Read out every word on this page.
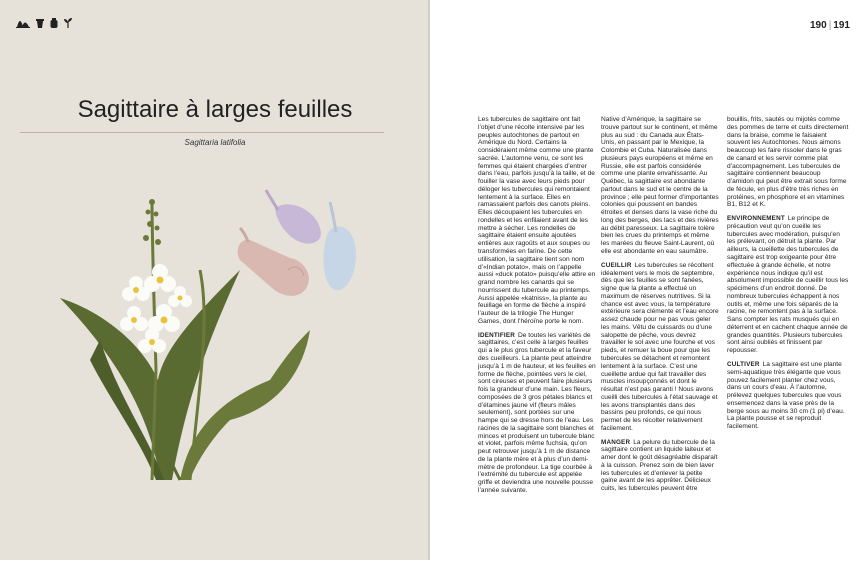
Sagittaire à larges feuilles
Sagittaria latifolia
190 | 191

Les tubercules de sagittaire ont fait l’objet d’une récolte intensive par les peuples autochtones de partout en Amérique du Nord. Certains la considéraient même comme une plante sacrée. L’automne venu, ce sont les femmes qui étaient chargées d’entrer dans l’eau, parfois jusqu’à la taille, et de fouiller la vase avec leurs pieds pour déloger les tubercules qui remontaient lentement à la surface. Elles en ramassaient parfois des canots pleins. Elles découpaient les tubercules en rondelles et les enfilaient avant de les mettre à sécher. Les rondelles de sagittaire étaient ensuite ajoutées entières aux ragoûts et aux soupes ou transformées en farine. De cette utilisation, la sagittaire tient son nom d’«Indian potato», mais on l’appelle aussi «duck potato» puisqu’elle attire en grand nombre les canards qui se nourrissent du tubercule au printemps. Aussi appelée «katniss», la plante au feuillage en forme de flèche a inspiré l’auteur de la trilogie The Hunger Games, dont l’héroïne porte le nom.

IDENTIFIER De toutes les variétés de sagittaires, c’est celle à larges feuilles qui a le plus gros tubercule et la faveur des cueilleurs. La plante peut atteindre jusqu’à 1 m de hauteur, et les feuilles en forme de flèche, pointées vers le ciel, sont cireuses et peuvent faire plusieurs fois la grandeur d’une main. Les fleurs, composées de 3 gros pétales blancs et d’étamines jaune vif (fleurs mâles seulement), sont portées sur une hampe qui se dresse hors de l’eau. Les racines de la sagittaire sont blanches et minces et produisent un tubercule blanc et violet, parfois même fuchsia, qu’on peut retrouver jusqu’à 1 m de distance de la plante mère et à plus d’un demi-mètre de profondeur. La tige courbée à l’extrémité du tubercule est appelée griffe et deviendra une nouvelle pousse l’année suivante.

Native d’Amérique, la sagittaire se trouve partout sur le continent, et même plus au sud : du Canada aux États-Unis, en passant par le Mexique, la Colombie et Cuba. Naturalisée dans plusieurs pays européens et même en Russie, elle est parfois considérée comme une plante envahissante. Au Québec, la sagittaire est abondante partout dans le sud et le centre de la province ; elle peut former d’importantes colonies qui poussent en bandes étroites et denses dans la vase riche du long des berges, des lacs et des rivières au débit paresseux. La sagittaire tolère bien les crues du printemps et même les marées du fleuve Saint-Laurent, où elle est abondante en eau saumâtre.

CUEILLIR Les tubercules se récoltent idéalement vers le mois de septembre, dès que les feuilles se sont fanées, signe que la plante a effectué un maximum de réserves nutritives. Si la chance est avec vous, la température extérieure sera clémente et l’eau encore assez chaude pour ne pas vous geler les mains. Vêtu de cuissards ou d’une salopette de pêche, vous devrez travailler le sol avec une fourche et vos pieds, et remuer la boue pour que les tubercules se détachent et remontent lentement à la surface. C’est une cueillette ardue qui fait travailler des muscles insoupçonnés et dont le résultat n’est pas garanti ! Nous avons cueilli des tubercules à l’état sauvage et les avons transplantés dans des bassins peu profonds, ce qui nous permet de les récolter relativement facilement.

MANGER La pelure du tubercule de la sagittaire contient un liquide laiteux et amer dont le goût désagréable disparaît à la cuisson. Prenez soin de bien laver les tubercules et d’enlever la petite gaine avant de les apprêter. Délicieux cuits, les tubercules peuvent être

bouillis, frits, sautés ou mijotés comme des pommes de terre et cuits directement dans la braise, comme le faisaient souvent les Autochtones. Nous aimons beaucoup les faire rissoler dans le gras de canard et les servir comme plat d’accompagnement. Les tubercules de sagittaire contiennent beaucoup d’amidon qui peut être extrait sous forme de fécule, en plus d’être très riches en protéines, en phosphore et en vitamines B1, B12 et K.

ENVIRONNEMENT Le principe de précaution veut qu’on cueille les tubercules avec modération, puisqu’en les prélevant, on détruit la plante. Par ailleurs, la cueillette des tubercules de sagittaire est trop exigeante pour être effectuée à grande échelle, et notre expérience nous indique qu’il est absolument impossible de cueillir tous les spécimens d’un endroit donné. De nombreux tubercules échappent à nos outils et, même une fois séparés de la racine, ne remontent pas à la surface. Sans compter les rats musqués qui en déterrent et en cachent chaque année de grandes quantités. Plusieurs tubercules sont ainsi oubliés et finissent par repousser.

CULTIVER La sagittaire est une plante semi-aquatique très élégante que vous pouvez facilement planter chez vous, dans un cours d’eau. À l’automne, prélevez quelques tubercules que vous ensemencez dans la vase près de la berge sous au moins 30 cm (1 pi) d’eau. La plante pousse et se reproduit facilement.
